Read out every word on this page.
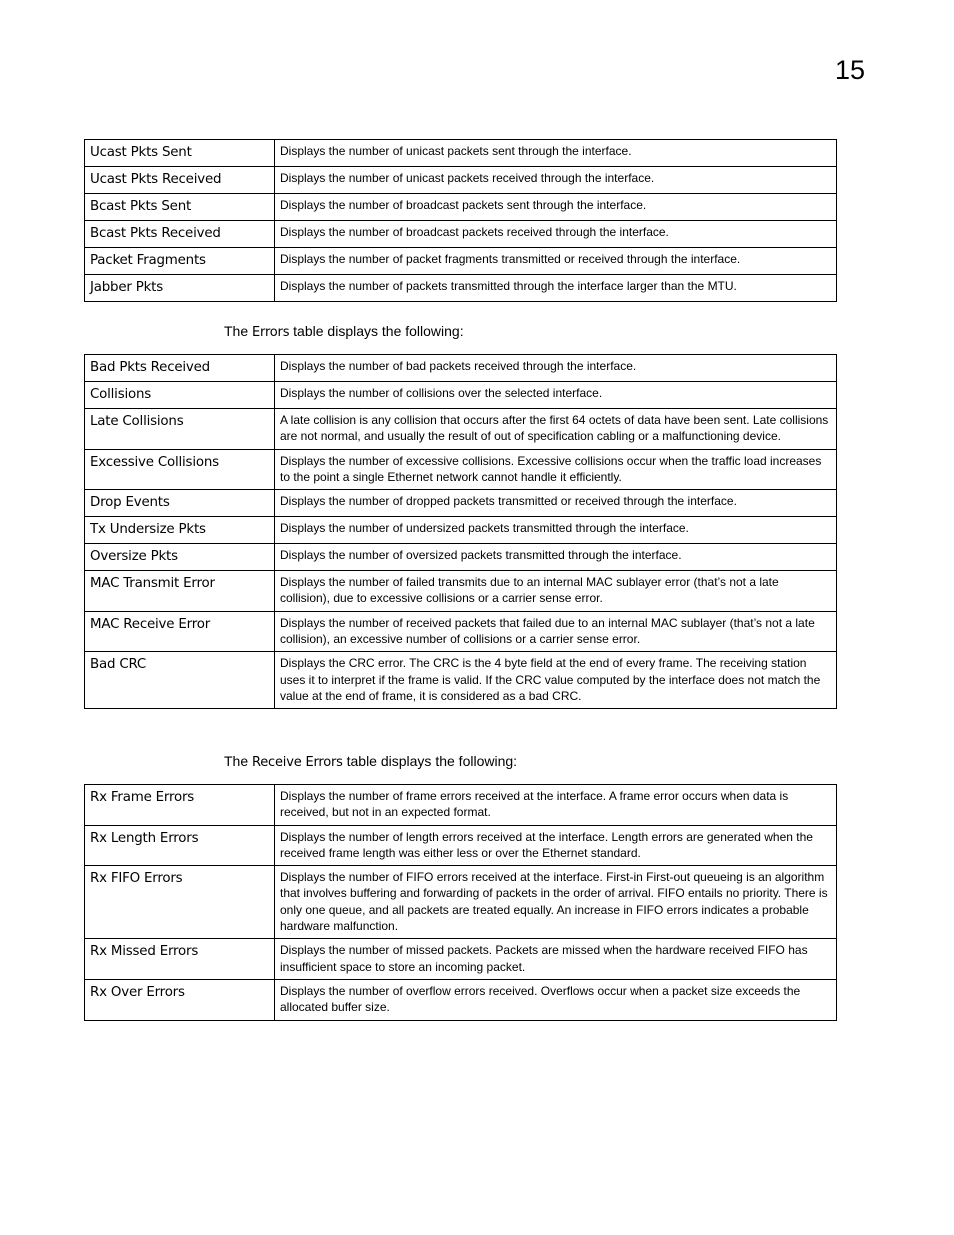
15
Ucast Pkts Sent	Displays the number of unicast packets sent through the interface.
Ucast Pkts Received	Displays the number of unicast packets received through the interface.
Bcast Pkts Sent	Displays the number of broadcast packets sent through the interface.
Bcast Pkts Received	Displays the number of broadcast packets received through the interface.
Packet Fragments	Displays the number of packet fragments transmitted or received through the interface.
Jabber Pkts	Displays the number of packets transmitted through the interface larger than the MTU.
The Errors table displays the following:
Bad Pkts Received	Displays the number of bad packets received through the interface.
Collisions	Displays the number of collisions over the selected interface.
Late Collisions	A late collision is any collision that occurs after the first 64 octets of data have been sent. Late collisions are not normal, and usually the result of out of specification cabling or a malfunctioning device.
Excessive Collisions	Displays the number of excessive collisions. Excessive collisions occur when the traffic load increases to the point a single Ethernet network cannot handle it efficiently.
Drop Events	Displays the number of dropped packets transmitted or received through the interface.
Tx Undersize Pkts	Displays the number of undersized packets transmitted through the interface.
Oversize Pkts	Displays the number of oversized packets transmitted through the interface.
MAC Transmit Error	Displays the number of failed transmits due to an internal MAC sublayer error (that’s not a late collision), due to excessive collisions or a carrier sense error.
MAC Receive Error	Displays the number of received packets that failed due to an internal MAC sublayer (that’s not a late collision), an excessive number of collisions or a carrier sense error.
Bad CRC	Displays the CRC error. The CRC is the 4 byte field at the end of every frame. The receiving station uses it to interpret if the frame is valid. If the CRC value computed by the interface does not match the value at the end of frame, it is considered as a bad CRC.
The Receive Errors table displays the following:
Rx Frame Errors	Displays the number of frame errors received at the interface. A frame error occurs when data is received, but not in an expected format.
Rx Length Errors	Displays the number of length errors received at the interface. Length errors are generated when the received frame length was either less or over the Ethernet standard.
Rx FIFO Errors	Displays the number of FIFO errors received at the interface. First-in First-out queueing is an algorithm that involves buffering and forwarding of packets in the order of arrival. FIFO entails no priority. There is only one queue, and all packets are treated equally. An increase in FIFO errors indicates a probable hardware malfunction.
Rx Missed Errors	Displays the number of missed packets. Packets are missed when the hardware received FIFO has insufficient space to store an incoming packet.
Rx Over Errors	Displays the number of overflow errors received. Overflows occur when a packet size exceeds the allocated buffer size.
